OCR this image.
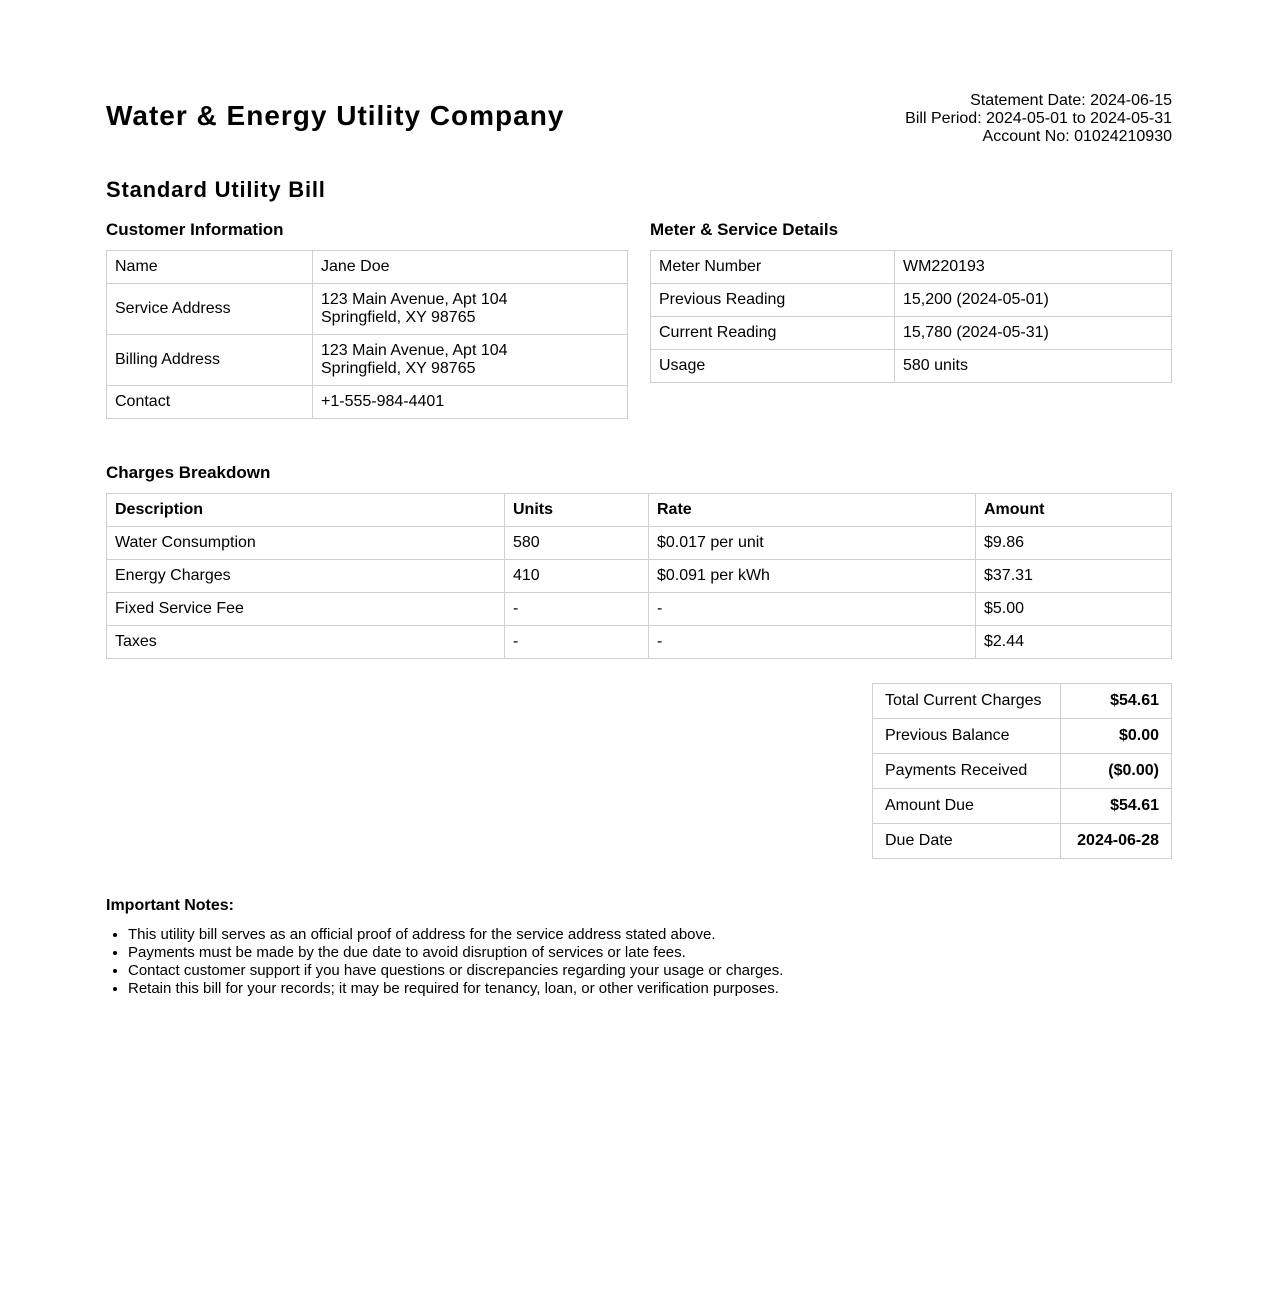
Water & Energy Utility Company	Statement Date: 2024-06-15
Bill Period: 2024-05-01 to 2024-05-31
Account No: 01024210930
Standard Utility Bill
Customer Information
Name	Jane Doe
Service Address	123 Main Avenue, Apt 104
Springfield, XY 98765

Billing Address	123 Main Avenue, Apt 104
Springfield, XY 98765

Contact	+1-555-984-4401
Meter & Service Details
Meter Number	WM220193
Previous Reading	15,200 (2024-05-01)
Current Reading	15,780 (2024-05-31)
Usage	580 units
Charges Breakdown
Description	Units	Rate	Amount
Water Consumption	580	$0.017 per unit	$9.86
Energy Charges	410	$0.091 per kWh	$37.31
Fixed Service Fee	-	-	$5.00
Taxes	-	-	$2.44
Total Current Charges	$54.61
Previous Balance	$0.00
Payments Received	($0.00)
Amount Due	$54.61
Due Date	2024-06-28
Important Notes:
• This utility bill serves as an official proof of address for the service address stated above.
• Payments must be made by the due date to avoid disruption of services or late fees.
• Contact customer support if you have questions or discrepancies regarding your usage or charges.
• Retain this bill for your records; it may be required for tenancy, loan, or other verification purposes.
